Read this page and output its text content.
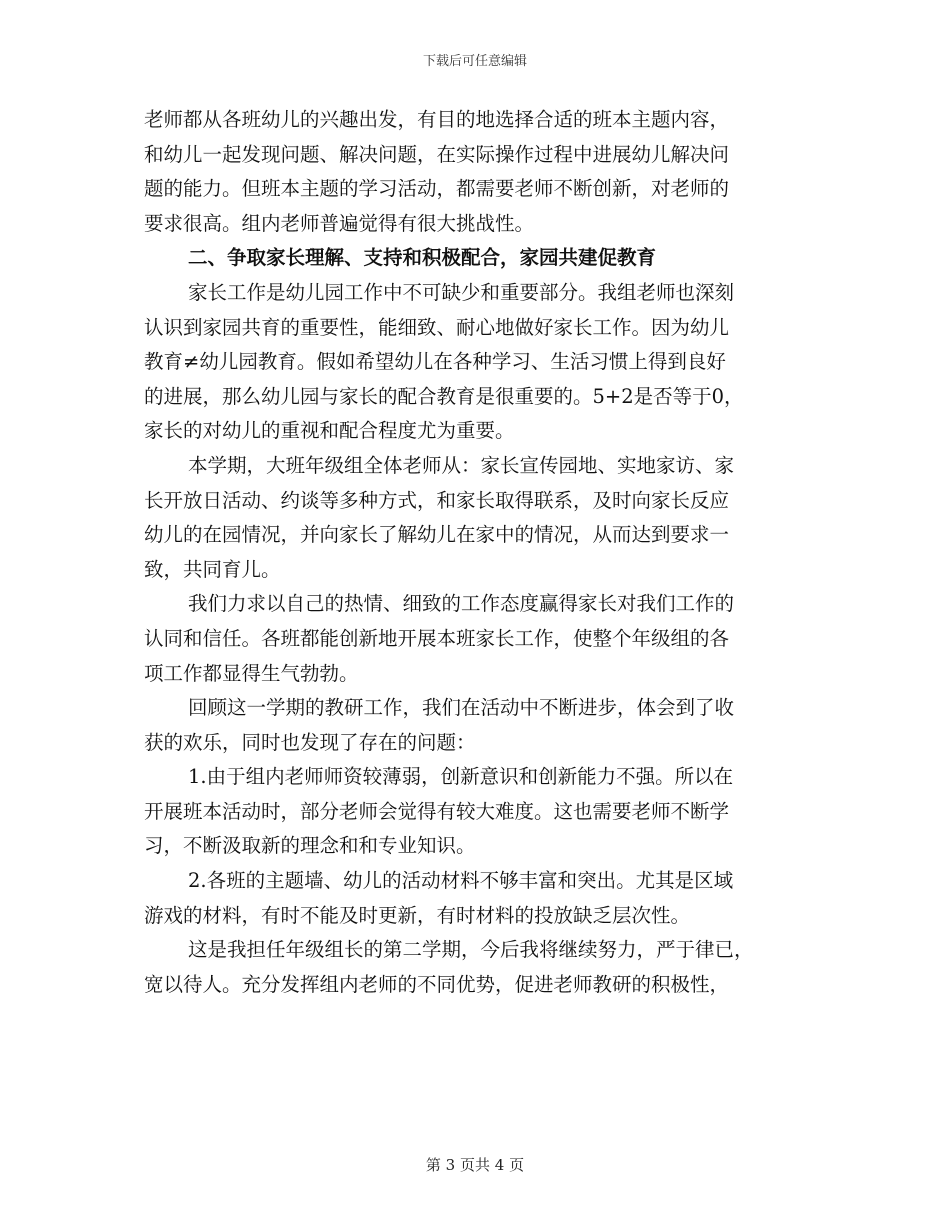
下载后可任意编辑
老师都从各班幼儿的兴趣出发，有目的地选择合适的班本主题内容，
和幼儿一起发现问题、解决问题，在实际操作过程中进展幼儿解决问
题的能力。但班本主题的学习活动，都需要老师不断创新，对老师的
要求很高。组内老师普遍觉得有很大挑战性。
二、争取家长理解、支持和积极配合，家园共建促教育
家长工作是幼儿园工作中不可缺少和重要部分。我组老师也深刻
认识到家园共育的重要性，能细致、耐心地做好家长工作。因为幼儿
教育≠幼儿园教育。假如希望幼儿在各种学习、生活习惯上得到良好
的进展，那么幼儿园与家长的配合教育是很重要的。5+2是否等于0，
家长的对幼儿的重视和配合程度尤为重要。
本学期，大班年级组全体老师从：家长宣传园地、实地家访、家
长开放日活动、约谈等多种方式，和家长取得联系，及时向家长反应
幼儿的在园情况，并向家长了解幼儿在家中的情况，从而达到要求一
致，共同育儿。
我们力求以自己的热情、细致的工作态度赢得家长对我们工作的
认同和信任。各班都能创新地开展本班家长工作，使整个年级组的各
项工作都显得生气勃勃。
回顾这一学期的教研工作，我们在活动中不断进步，体会到了收
获的欢乐，同时也发现了存在的问题：
1.由于组内老师师资较薄弱，创新意识和创新能力不强。所以在
开展班本活动时，部分老师会觉得有较大难度。这也需要老师不断学
习，不断汲取新的理念和和专业知识。
2.各班的主题墙、幼儿的活动材料不够丰富和突出。尤其是区域
游戏的材料，有时不能及时更新，有时材料的投放缺乏层次性。
这是我担任年级组长的第二学期，今后我将继续努力，严于律已，
宽以待人。充分发挥组内老师的不同优势，促进老师教研的积极性，
第 3 页共 4 页
